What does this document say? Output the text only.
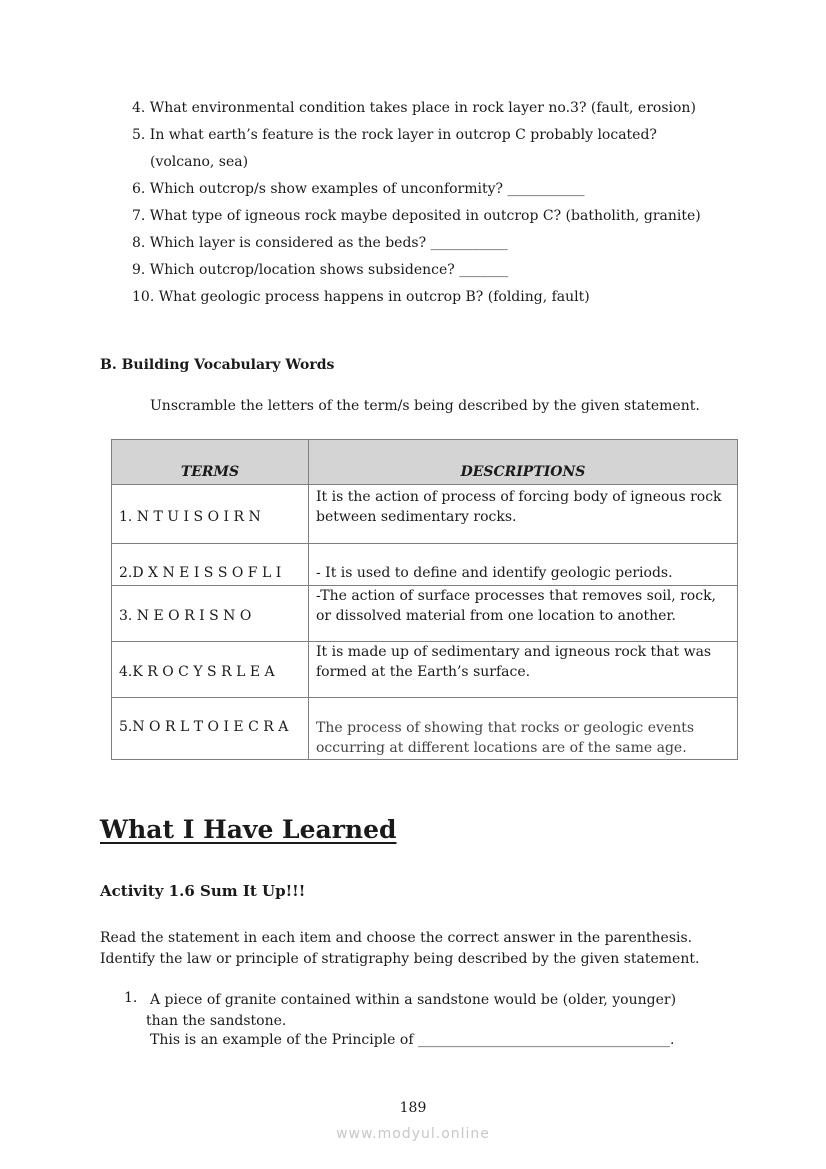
4. What environmental condition takes place in rock layer no.3? (fault, erosion)
5. In what earth’s feature is the rock layer in outcrop C probably located?
(volcano, sea)
6. Which outcrop/s show examples of unconformity? ___________
7. What type of igneous rock maybe deposited in outcrop C? (batholith, granite)
8. Which layer is considered as the beds? ___________
9. Which outcrop/location shows subsidence? _______
10. What geologic process happens in outcrop B? (folding, fault)
B. Building Vocabulary Words
Unscramble the letters of the term/s being described by the given statement.
TERMS	DESCRIPTIONS
1. N T U I S O I R N	It is the action of process of forcing body of igneous rock between sedimentary rocks.
2.D X N E I S S O F L I	- It is used to define and identify geologic periods.
3. N E O R I S N O	-The action of surface processes that removes soil, rock, or dissolved material from one location to another.
4.K R O C Y S R L E A	It is made up of sedimentary and igneous rock that was formed at the Earth’s surface.
5.N O R L T O I E C R A	The process of showing that rocks or geologic events occurring at different locations are of the same age.
What I Have Learned
Activity 1.6 Sum It Up!!!
Read the statement in each item and choose the correct answer in the parenthesis. Identify the law or principle of stratigraphy being described by the given statement.
1. A piece of granite contained within a sandstone would be (older, younger) than the sandstone.
This is an example of the Principle of ____________________________________.
189
www.modyul.online
